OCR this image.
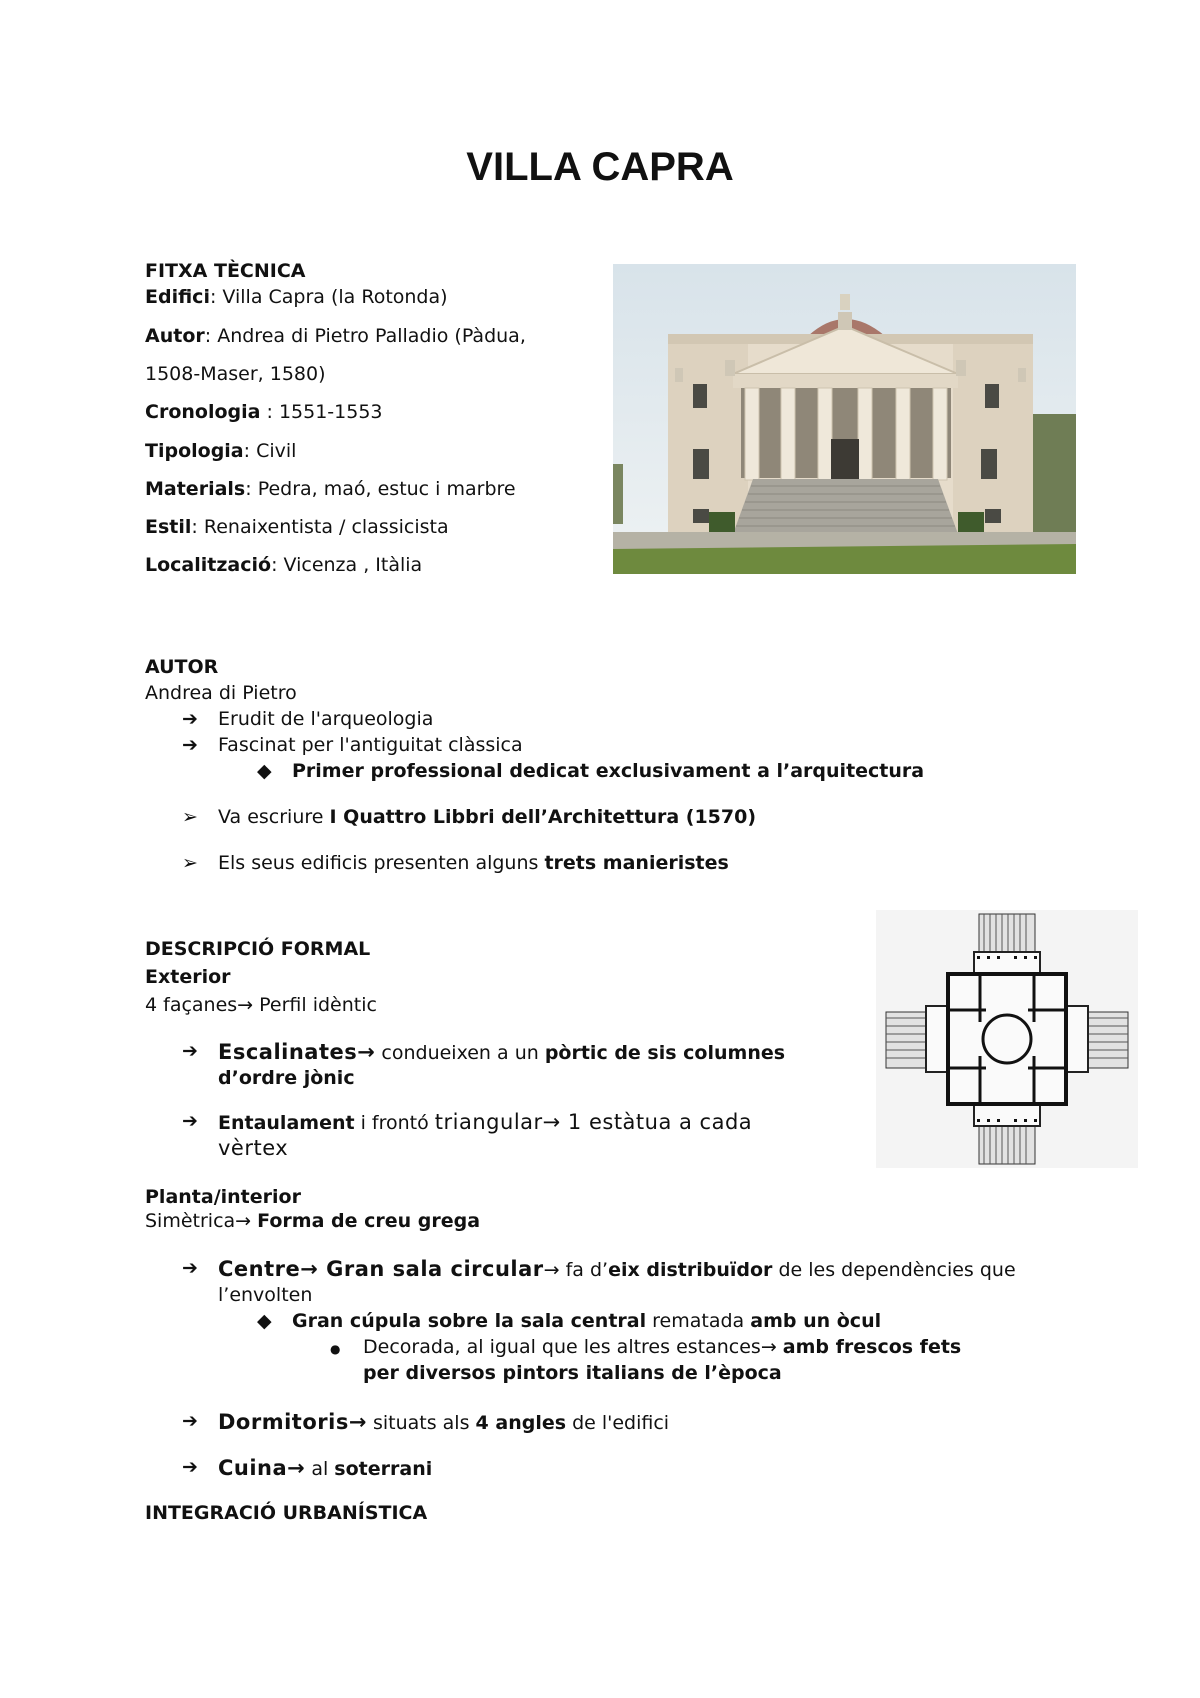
VILLA CAPRA
FITXA TÈCNICA
Edifici: Villa Capra (la Rotonda)
Autor: Andrea di Pietro Palladio (Pàdua,
1508-Maser, 1580)
Cronologia : 1551-1553
Tipologia: Civil
Materials: Pedra, maó, estuc i marbre
Estil: Renaixentista / classicista
Localització: Vicenza , Itàlia
AUTOR
Andrea di Pietro
➔ Erudit de l'arqueologia
➔ Fascinat per l'antiguitat clàssica
◆ Primer professional dedicat exclusivament a l’arquitectura
➢ Va escriure I Quattro Libbri dell’Architettura (1570)
➢ Els seus edificis presenten alguns trets manieristes
DESCRIPCIÓ FORMAL
Exterior
4 façanes→ Perfil idèntic
➔ Escalinates→ condueixen a un pòrtic de sis columnes
d’ordre jònic
➔ Entaulament i frontó triangular→ 1 estàtua a cada
vèrtex
Planta/interior
Simètrica→ Forma de creu grega
➔ Centre→ Gran sala circular→ fa d’eix distribuïdor de les dependències que
l’envolten
◆ Gran cúpula sobre la sala central rematada amb un òcul
● Decorada, al igual que les altres estances→ amb frescos fets
per diversos pintors italians de l’època
➔ Dormitoris→ situats als 4 angles de l'edifici
➔ Cuina→ al soterrani
INTEGRACIÓ URBANÍSTICA
